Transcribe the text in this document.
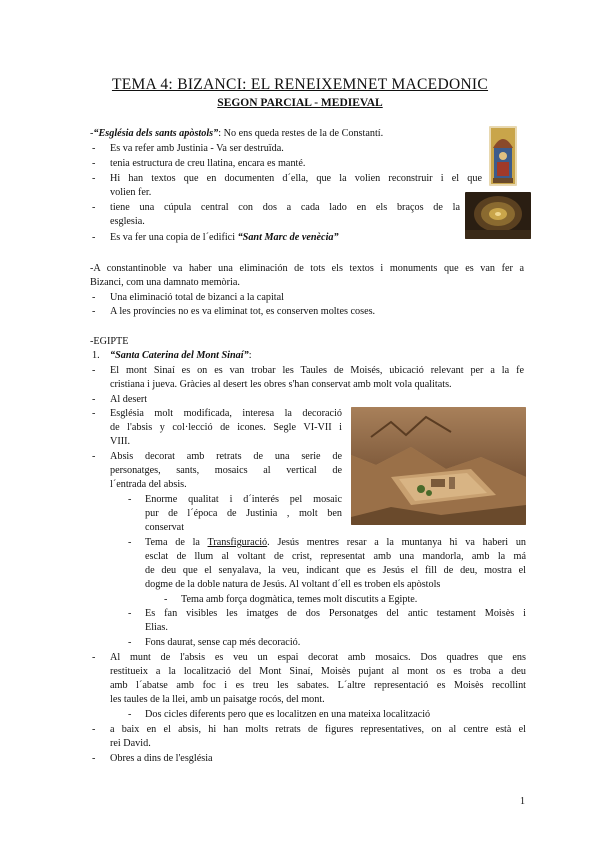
TEMA 4: BIZANCI: EL RENEIXEMNET MACEDONIC
SEGON PARCIAL - MEDIEVAL
-“Església dels sants apòstols”: No ens queda restes de la de Constantí.
- Es va refer amb Justinia - Va ser destruïda.
- tenia estructura de creu llatina, encara es manté.
- Hi han textos que en documenten d´ella, que la volien reconstruir i el que
volien fer.
- tiene una cúpula central con dos a cada lado en els braços de la
esglesia.
- Es va fer una copia de l´edifici “Sant Marc de venècia”
-A constantinoble va haber una eliminación de tots els textos i monuments que es van fer a
Bizanci, com una damnato memòria.
- Una eliminació total de bizanci a la capital
- A les províncies no es va eliminat tot, es conserven moltes coses.
-EGIPTE
1. “Santa Caterina del Mont Sinaí”:
- El mont Sinaí es on es van trobar les Taules de Moisés, ubicació relevant per a la fe
cristiana i jueva. Gràcies al desert les obres s'han conservat amb molt vola qualitats.
- Al desert
- Església molt modificada, interesa la decoració
de l'absis y col·lecció de icones. Segle VI-VII i
VIII.
- Absis decorat amb retrats de una serie de
personatges, sants, mosaics al vertical de
l´entrada del absis.
- Enorme qualitat i d´interés pel mosaic
pur de l´época de Justinia , molt ben
conservat
- Tema de la Transfiguració. Jesús mentres resar a la muntanya hi va haberi un
esclat de llum al voltant de crist, representat amb una mandorla, amb la má
de deu que el senyalava, la veu, indicant que es Jesús el fill de deu, mostra el
dogme de la doble natura de Jesús. Al voltant d´ell es troben els apòstols
- Tema amb força dogmàtica, temes molt discutits a Egipte.
- Es fan visibles les imatges de dos Personatges del antic testament Moisès i
Elias.
- Fons daurat, sense cap més decoració.
- Al munt de l'absis es veu un espai decorat amb mosaics. Dos quadres que ens
restitueix a la localització del Mont Sinaí, Moisès pujant al mont os es troba a deu
amb l´abatse amb foc i es treu les sabates. L´altre representació es Moisès recollint
les taules de la llei, amb un paisatge rocós, del mont.
- Dos cicles diferents pero que es localitzen en una mateixa localització
- a baix en el absis, hi han molts retrats de figures representatives, on al centre està el
rei David.
- Obres a dins de l'església
1
